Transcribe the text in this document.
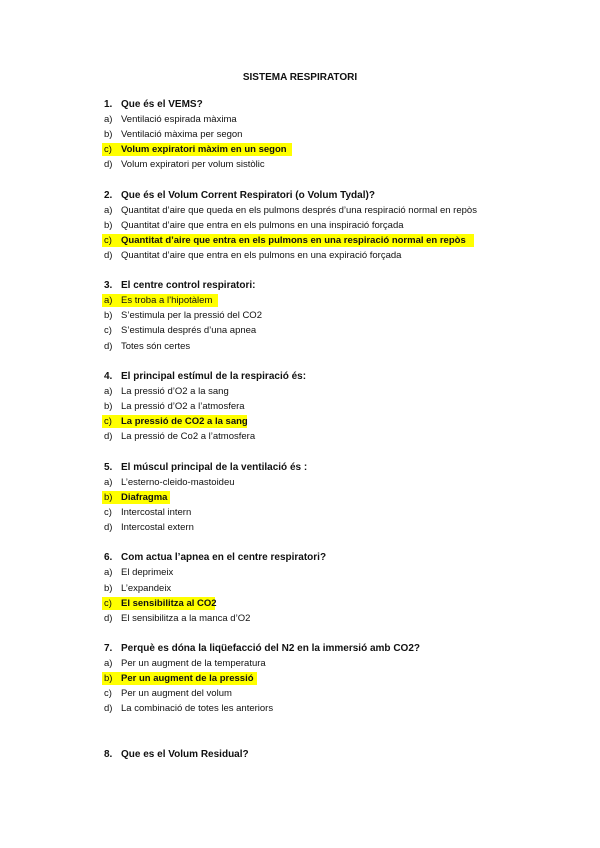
SISTEMA RESPIRATORI
1. Que és el VEMS?
a) Ventilació espirada màxima
b) Ventilació màxima per segon
c) Volum expiratori màxim en un segon
d) Volum expiratori per volum sistòlic
2. Que és el Volum Corrent Respiratori (o Volum Tydal)?
a) Quantitat d’aire que queda en els pulmons després d’una respiració normal en repòs
b) Quantitat d’aire que entra en els pulmons en una inspiració forçada
c) Quantitat d’aire que entra en els pulmons en una respiració normal en repòs
d) Quantitat d’aire que entra en els pulmons en una expiració forçada
3. El centre control respiratori:
a) Es troba a l’hipotàlem
b) S’estimula per la pressió del CO2
c) S’estimula després d’una apnea
d) Totes són certes
4. El principal estímul de la respiració és:
a) La pressió d’O2 a la sang
b) La pressió d’O2 a l’atmosfera
c) La pressió de CO2 a la sang
d) La pressió de Co2 a l’atmosfera
5. El múscul principal de la ventilació és :
a) L’esterno-cleido-mastoideu
b) Diafragma
c) Intercostal intern
d) Intercostal extern
6. Com actua l’apnea en el centre respiratori?
a) El deprimeix
b) L’expandeix
c) El sensibilitza al CO2
d) El sensibilitza a la manca d’O2
7. Perquè es dóna la liqüefacció del N2 en la immersió amb CO2?
a) Per un augment de la temperatura
b) Per un augment de la pressió
c) Per un augment del volum
d) La combinació de totes les anteriors
8. Que es el Volum Residual?
